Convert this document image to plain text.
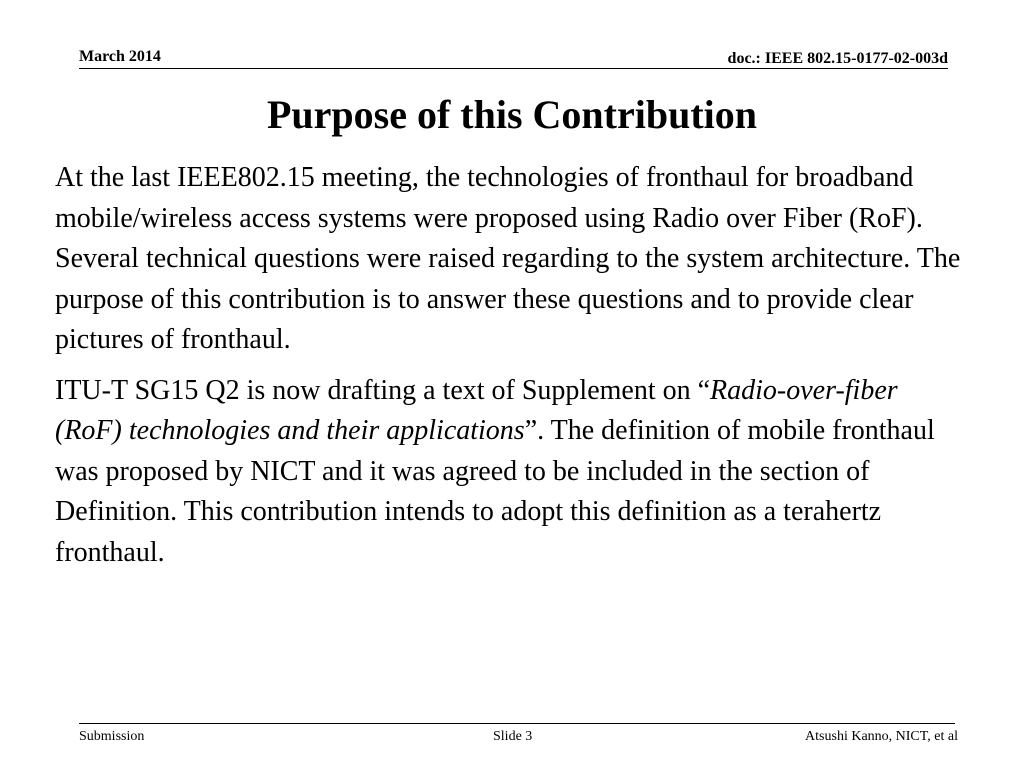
March 2014	doc.: IEEE 802.15-0177-02-003d
Purpose of this Contribution

At the last IEEE802.15 meeting, the technologies of fronthaul for broadband mobile/wireless access systems were proposed using Radio over Fiber (RoF). Several technical questions were raised regarding to the system architecture. The purpose of this contribution is to answer these questions and to provide clear pictures of fronthaul.

ITU-T SG15 Q2 is now drafting a text of Supplement on “Radio-over-fiber (RoF) technologies and their applications”. The definition of mobile fronthaul was proposed by NICT and it was agreed to be included in the section of Definition. This contribution intends to adopt this definition as a terahertz fronthaul.

Submission	Slide 3	Atsushi Kanno, NICT, et al
